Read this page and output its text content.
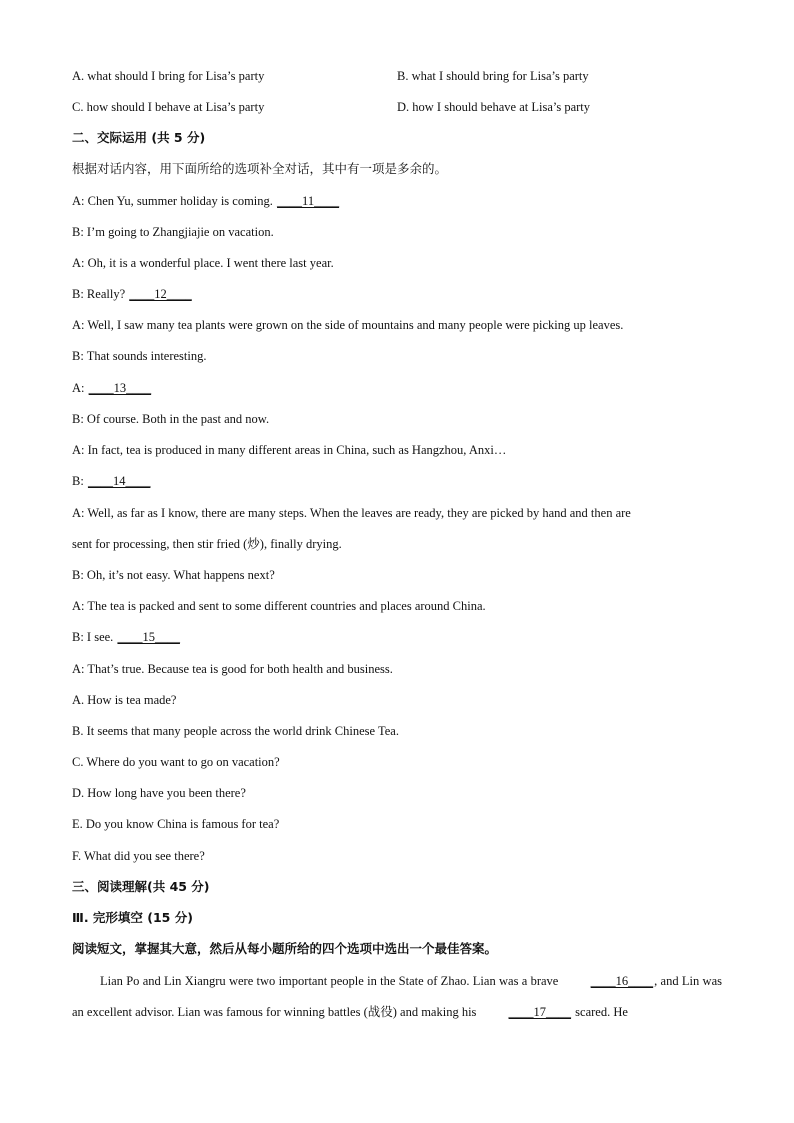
A. what should I bring for Lisa’s party	B. what I should bring for Lisa’s party
C. how should I behave at Lisa’s party	D. how I should behave at Lisa’s party
二、交际运用 (共 5 分)
根据对话内容，用下面所给的选项补全对话，其中有一项是多余的。
A: Chen Yu, summer holiday is coming. ____11____
B: I’m going to Zhangjiajie on vacation.
A: Oh, it is a wonderful place. I went there last year.
B: Really? ____12____
A: Well, I saw many tea plants were grown on the side of mountains and many people were picking up leaves.
B: That sounds interesting.
A: ____13____
B: Of course. Both in the past and now.
A: In fact, tea is produced in many different areas in China, such as Hangzhou, Anxi…
B: ____14____
A: Well, as far as I know, there are many steps. When the leaves are ready, they are picked by hand and then are
sent for processing, then stir fried (炒), finally drying.
B: Oh, it’s not easy. What happens next?
A: The tea is packed and sent to some different countries and places around China.
B: I see. ____15____
A: That’s true. Because tea is good for both health and business.
A. How is tea made?
B. It seems that many people across the world drink Chinese Tea.
C. Where do you want to go on vacation?
D. How long have you been there?
E. Do you know China is famous for tea?
F. What did you see there?
三、阅读理解(共 45 分)
Ⅲ. 完形填空 (15 分)
阅读短文，掌握其大意，然后从每小题所给的四个选项中选出一个最佳答案。
Lian Po and Lin Xiangru were two important people in the State of Zhao. Lian was a brave ____16____, and Lin was an excellent advisor. Lian was famous for winning battles (战役) and making his ____17____ scared. He
